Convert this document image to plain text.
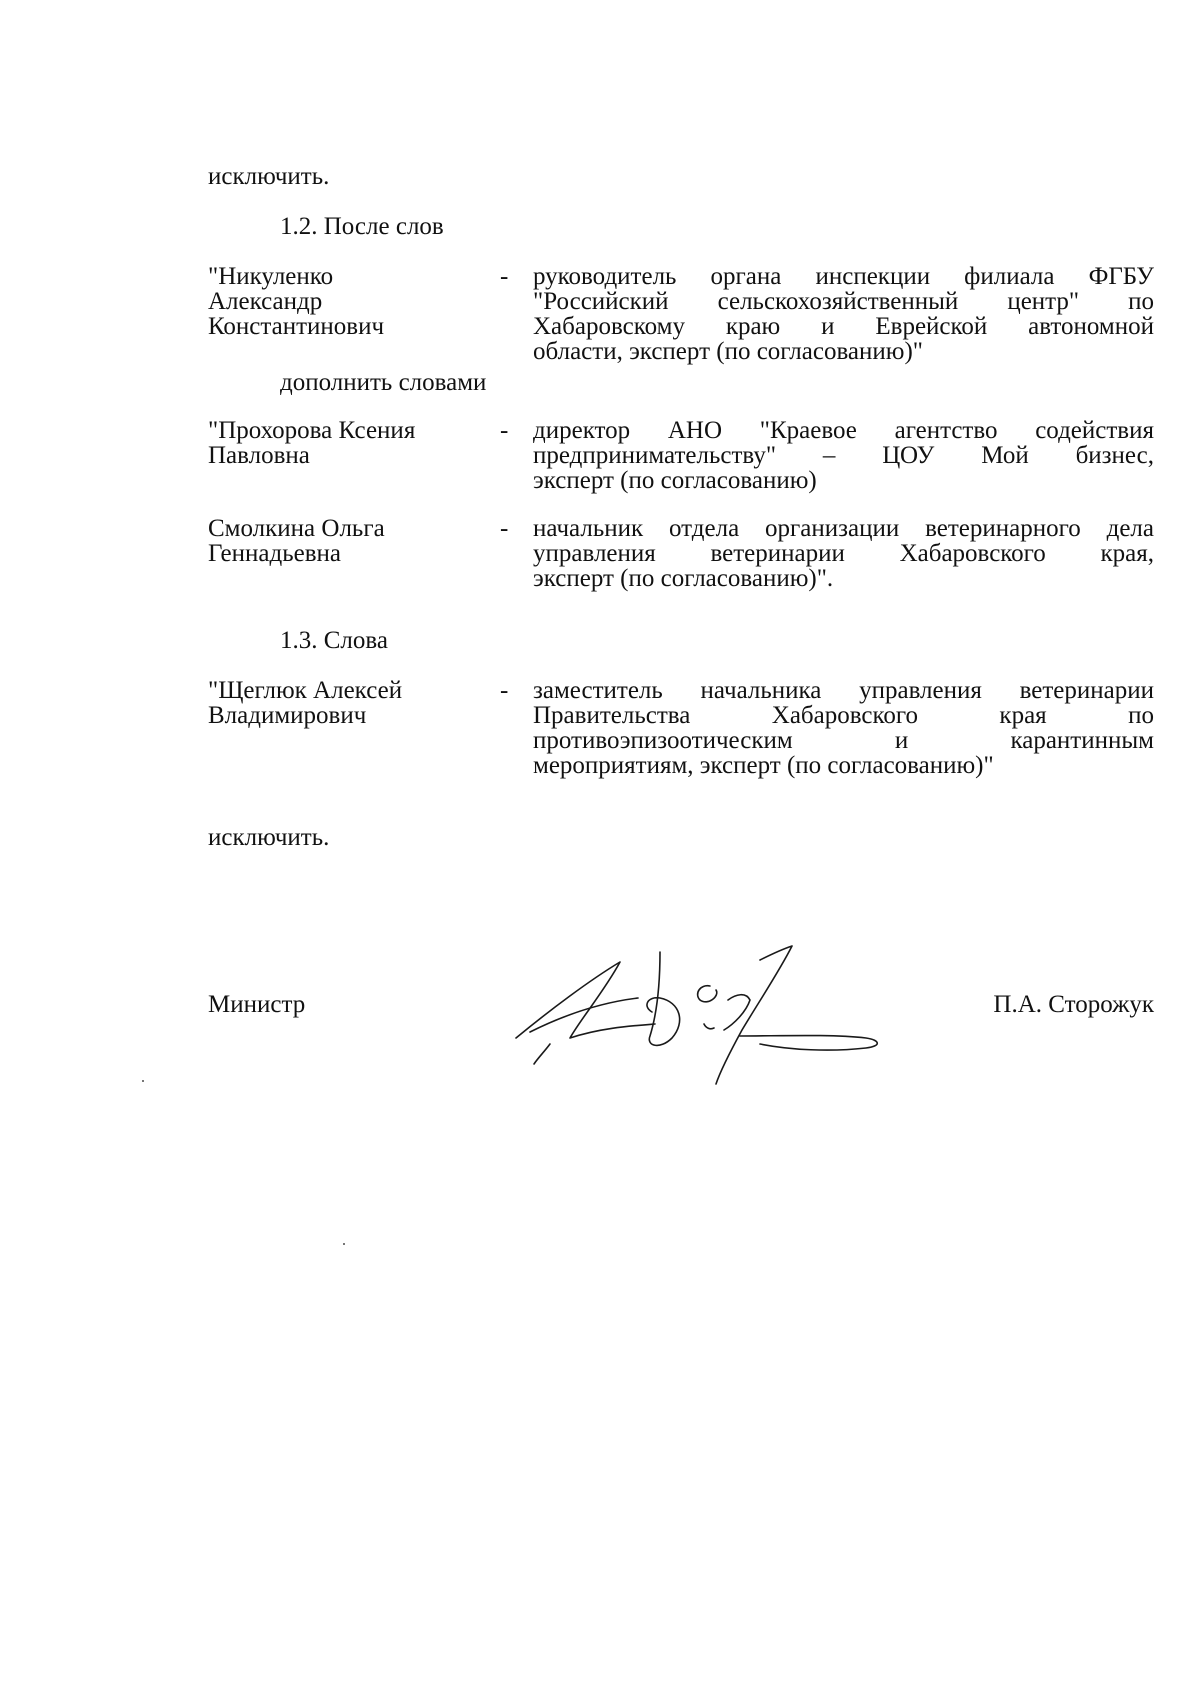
исключить.
1.2. После слов
"Никуленко
Александр
Константинович
- руководитель органа инспекции филиала ФГБУ
"Российский сельскохозяйственный центр" по
Хабаровскому краю и Еврейской автономной
области, эксперт (по согласованию)"
дополнить словами
"Прохорова Ксения
Павловна
- директор АНО "Краевое агентство содействия
предпринимательству" – ЦОУ Мой бизнес,
эксперт (по согласованию)
Смолкина Ольга
Геннадьевна
- начальник отдела организации ветеринарного дела
управления ветеринарии Хабаровского края,
эксперт (по согласованию)".
1.3. Слова
"Щеглюк Алексей
Владимирович
- заместитель начальника управления ветеринарии
Правительства Хабаровского края по
противоэпизоотическим и карантинным
мероприятиям, эксперт (по согласованию)"
исключить.
Министр	П.А. Сторожук
